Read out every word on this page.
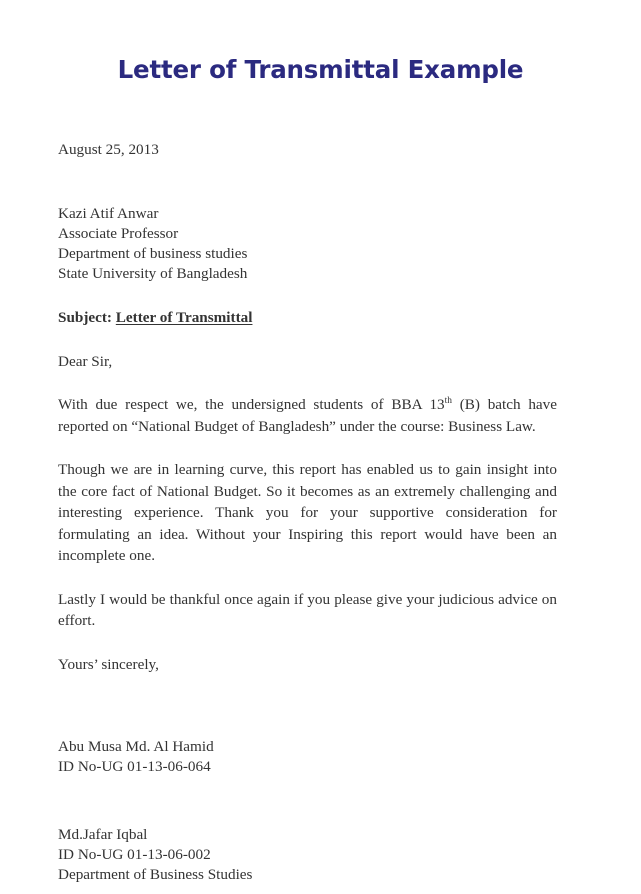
Letter of Transmittal Example
August 25, 2013
Kazi Atif Anwar
Associate Professor
Department of business studies
State University of Bangladesh
Subject: Letter of Transmittal
Dear Sir,
With due respect we, the undersigned students of BBA 13th (B) batch have reported on “National Budget of Bangladesh” under the course: Business Law.
Though we are in learning curve, this report has enabled us to gain insight into the core fact of National Budget. So it becomes as an extremely challenging and interesting experience. Thank you for your supportive consideration for formulating an idea. Without your Inspiring this report would have been an incomplete one.
Lastly I would be thankful once again if you please give your judicious advice on effort.
Yours’ sincerely,
Abu Musa Md. Al Hamid
ID No-UG 01-13-06-064
Md.Jafar Iqbal
ID No-UG 01-13-06-002
Department of Business Studies
